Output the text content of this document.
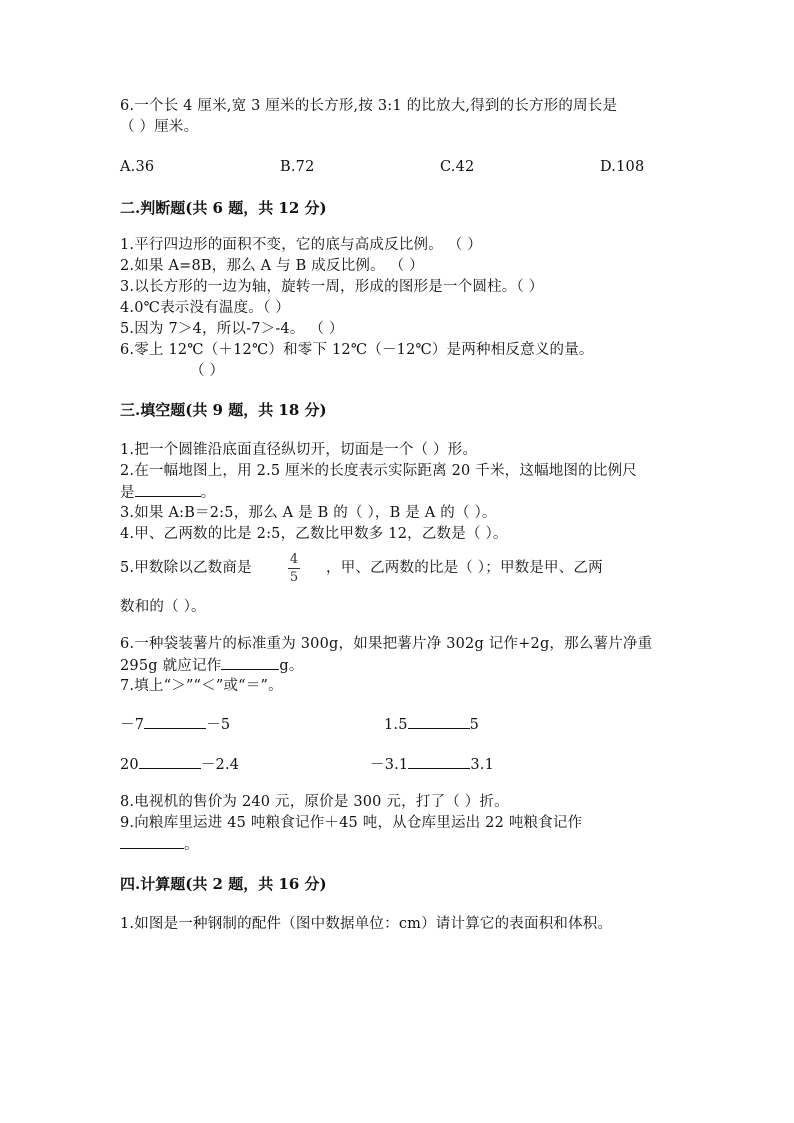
6.一个长 4 厘米,宽 3 厘米的长方形,按 3:1 的比放大,得到的长方形的周长是
（ ）厘米。
A.36	B.72	C.42	D.108
二.判断题(共 6 题，共 12 分)
1.平行四边形的面积不变，它的底与高成反比例。 （ ）
2.如果 A=8B，那么 A 与 B 成反比例。 （ ）
3.以长方形的一边为轴，旋转一周，形成的图形是一个圆柱。（ ）
4.0℃表示没有温度。（ ）
5.因为 7＞4，所以-7＞-4。 （ ）
6.零上 12℃（＋12℃）和零下 12℃（－12℃）是两种相反意义的量。
（ ）
三.填空题(共 9 题，共 18 分)
1.把一个圆锥沿底面直径纵切开，切面是一个（ ）形。
2.在一幅地图上，用 2.5 厘米的长度表示实际距离 20 千米，这幅地图的比例尺
是	。
3.如果 A:B＝2:5，那么 A 是 B 的（ ），B 是 A 的（ ）。
4.甲、乙两数的比是 2:5，乙数比甲数多 12，乙数是（ ）。
5.甲数除以乙数商是
4
5
，甲、乙两数的比是（ ）；甲数是甲、乙两
数和的（ ）。
6.一种袋装薯片的标准重为 300g，如果把薯片净 302g 记作+2g，那么薯片净重
295g 就应记作	g。
7.填上“＞”“＜”或“＝”。
－7	－5	1.5	5
20	－2.4	－3.1	3.1
8.电视机的售价为 240 元，原价是 300 元，打了（ ）折。
9.向粮库里运进 45 吨粮食记作＋45 吨，从仓库里运出 22 吨粮食记作
。
四.计算题(共 2 题，共 16 分)
1.如图是一种钢制的配件（图中数据单位：cm）请计算它的表面积和体积。
